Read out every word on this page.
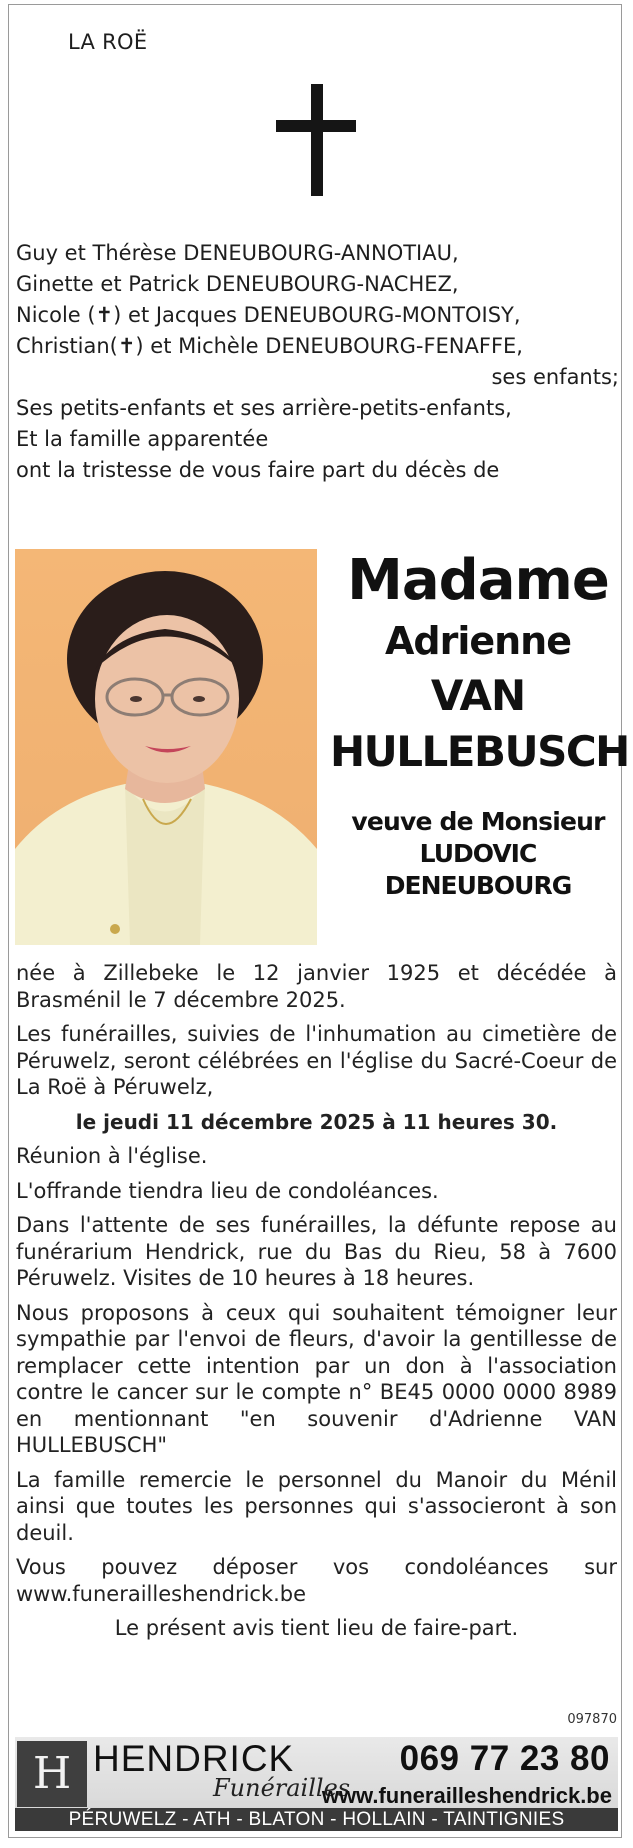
LA ROË
Guy et Thérèse DENEUBOURG-ANNOTIAU,
Ginette et Patrick DENEUBOURG-NACHEZ,
Nicole (✝) et Jacques DENEUBOURG-MONTOISY,
Christian(✝) et Michèle DENEUBOURG-FENAFFE,
ses enfants;
Ses petits-enfants et ses arrière-petits-enfants,
Et la famille apparentée
ont la tristesse de vous faire part du décès de
Madame
Adrienne
VAN
HULLEBUSCH
veuve de Monsieur
LUDOVIC DENEUBOURG

née à Zillebeke le 12 janvier 1925 et décédée à Brasménil le 7 décembre 2025.

Les funérailles, suivies de l'inhumation au cimetière de Péruwelz, seront célébrées en l'église du Sacré-Coeur de La Roë à Péruwelz,

le jeudi 11 décembre 2025 à 11 heures 30.

Réunion à l'église.

L'offrande tiendra lieu de condoléances.

Dans l'attente de ses funérailles, la défunte repose au funérarium Hendrick, rue du Bas du Rieu, 58 à 7600 Péruwelz. Visites de 10 heures à 18 heures.

Nous proposons à ceux qui souhaitent témoigner leur sympathie par l'envoi de fleurs, d'avoir la gentillesse de remplacer cette intention par un don à l'association contre le cancer sur le compte n° BE45 0000 0000 8989 en mentionnant "en souvenir d'Adrienne VAN HULLEBUSCH"

La famille remercie le personnel du Manoir du Ménil ainsi que toutes les personnes qui s'associeront à son deuil.

Vous pouvez déposer vos condoléances sur www.funerailleshendrick.be

Le présent avis tient lieu de faire-part.

097870
H HENDRICK
Funérailles
069 77 23 80
www.funerailleshendrick.be
PÉRUWELZ - ATH - BLATON - HOLLAIN - TAINTIGNIES
